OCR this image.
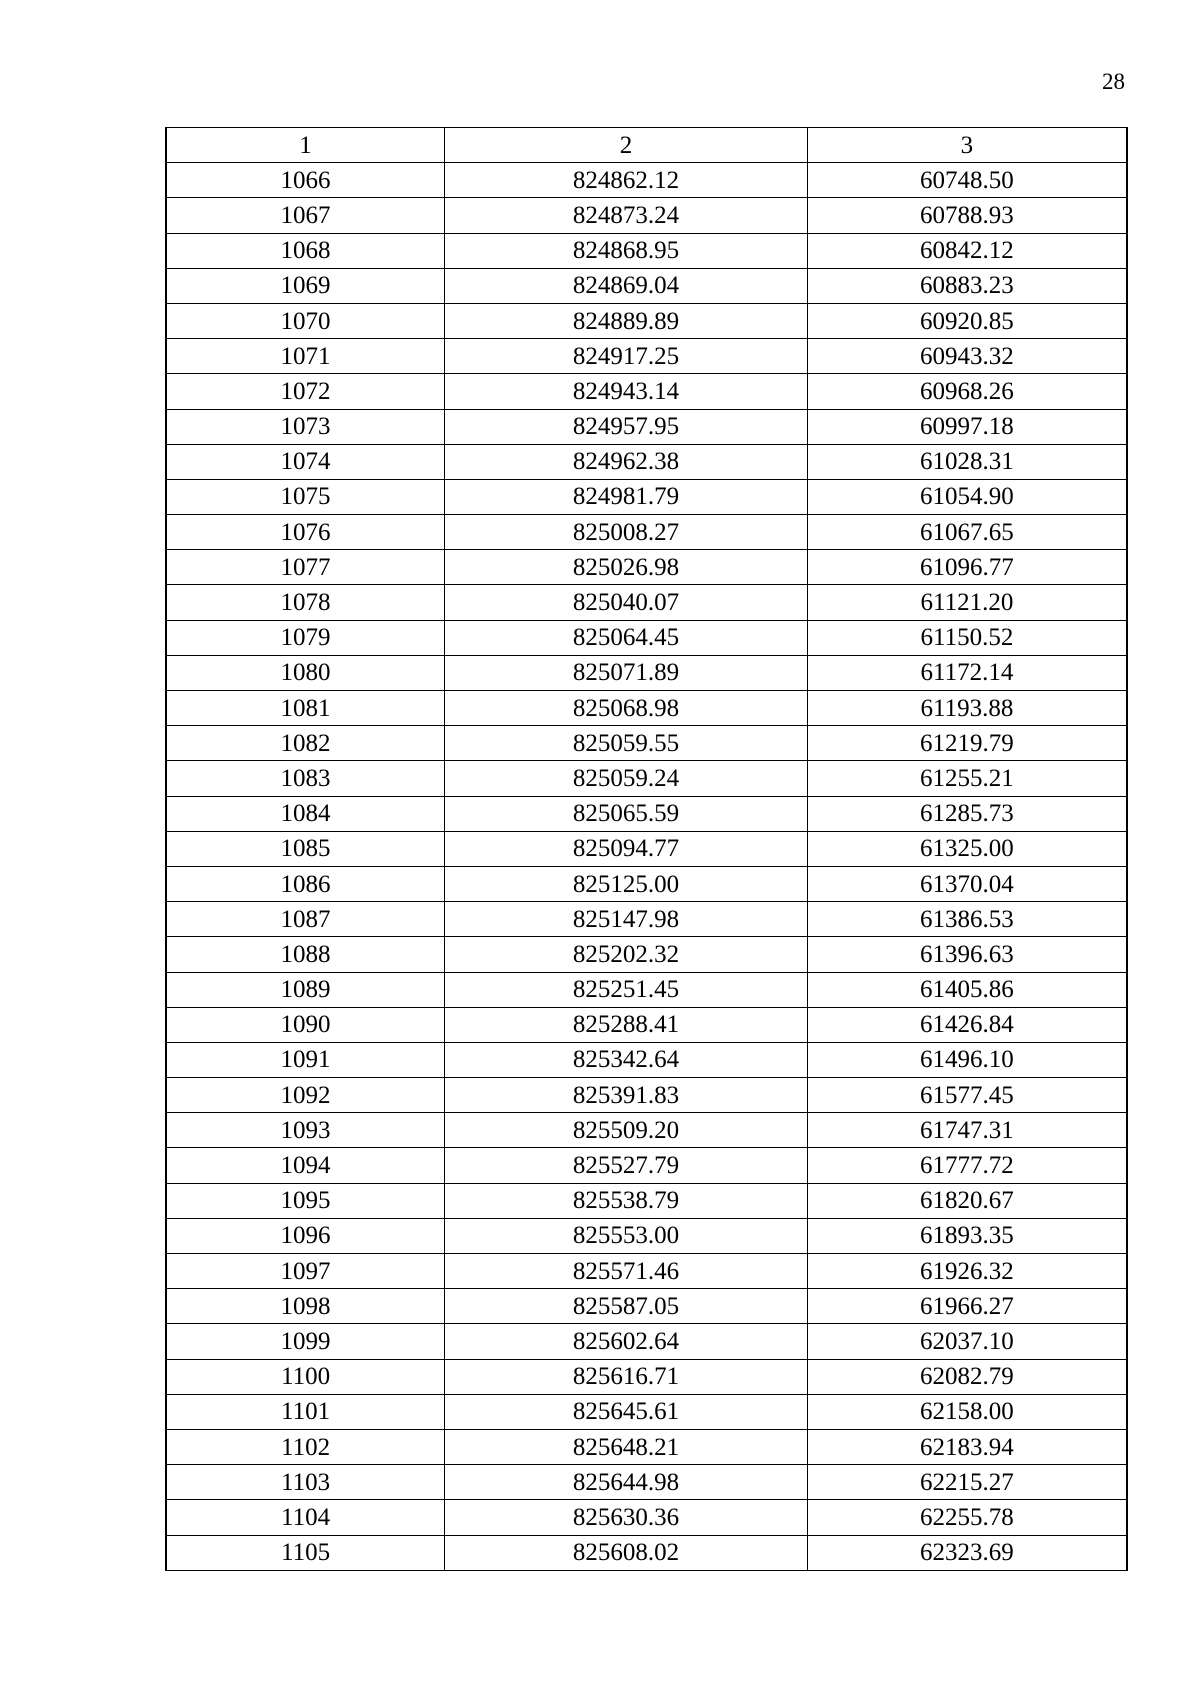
28
1	2	3
1066	824862.12	60748.50
1067	824873.24	60788.93
1068	824868.95	60842.12
1069	824869.04	60883.23
1070	824889.89	60920.85
1071	824917.25	60943.32
1072	824943.14	60968.26
1073	824957.95	60997.18
1074	824962.38	61028.31
1075	824981.79	61054.90
1076	825008.27	61067.65
1077	825026.98	61096.77
1078	825040.07	61121.20
1079	825064.45	61150.52
1080	825071.89	61172.14
1081	825068.98	61193.88
1082	825059.55	61219.79
1083	825059.24	61255.21
1084	825065.59	61285.73
1085	825094.77	61325.00
1086	825125.00	61370.04
1087	825147.98	61386.53
1088	825202.32	61396.63
1089	825251.45	61405.86
1090	825288.41	61426.84
1091	825342.64	61496.10
1092	825391.83	61577.45
1093	825509.20	61747.31
1094	825527.79	61777.72
1095	825538.79	61820.67
1096	825553.00	61893.35
1097	825571.46	61926.32
1098	825587.05	61966.27
1099	825602.64	62037.10
1100	825616.71	62082.79
1101	825645.61	62158.00
1102	825648.21	62183.94
1103	825644.98	62215.27
1104	825630.36	62255.78
1105	825608.02	62323.69
